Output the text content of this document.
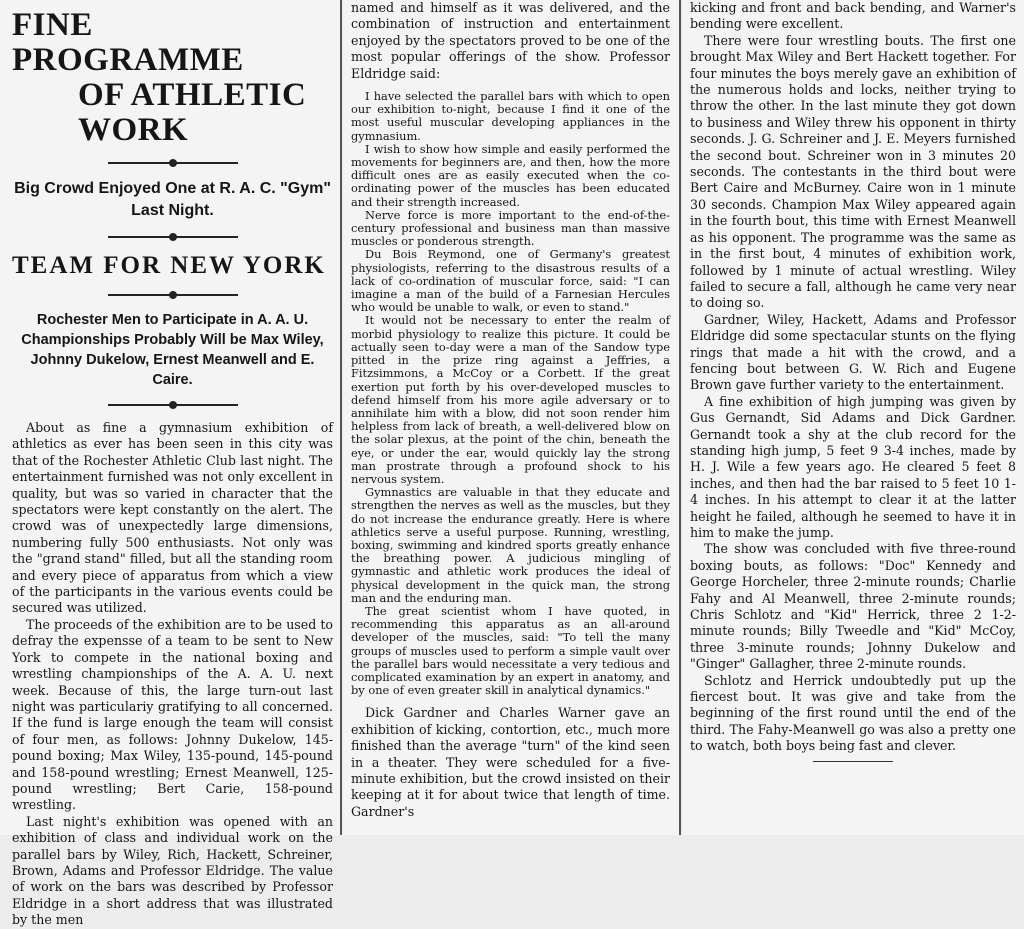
FINE PROGRAMME
OF ATHLETIC WORK
Big Crowd Enjoyed One at R. A. C. "Gym" Last Night.
TEAM FOR NEW YORK
Rochester Men to Participate in A. A. U. Championships Probably Will be Max Wiley, Johnny Dukelow, Ernest Meanwell and E. Caire.

About as fine a gymnasium exhibition of athletics as ever has been seen in this city was that of the Rochester Athletic Club last night. The entertainment furnished was not only excellent in quality, but was so varied in character that the spectators were kept constantly on the alert. The crowd was of unexpectedly large dimensions, numbering fully 500 enthusiasts. Not only was the "grand stand" filled, but all the standing room and every piece of apparatus from which a view of the participants in the various events could be secured was utilized.

The proceeds of the exhibition are to be used to defray the expensse of a team to be sent to New York to compete in the national boxing and wrestling championships of the A. A. U. next week. Because of this, the large turn-out last night was particulariy gratifying to all concerned. If the fund is large enough the team will consist of four men, as follows: Johnny Dukelow, 145-pound boxing; Max Wiley, 135-pound, 145-pound and 158-pound wrestling; Ernest Meanwell, 125-pound wrestling; Bert Carie, 158-pound wrestling.

Last night's exhibition was opened with an exhibition of class and individual work on the parallel bars by Wiley, Rich, Hackett, Schreiner, Brown, Adams and Professor Eldridge. The value of work on the bars was described by Professor Eldridge in a short address that was illustrated by the men

named and himself as it was delivered, and the combination of instruction and entertainment enjoyed by the spectators proved to be one of the most popular offerings of the show. Professor Eldridge said:

I have selected the parallel bars with which to open our exhibition to-night, because I find it one of the most useful muscular developing appliances in the gymnasium.

I wish to show how simple and easily performed the movements for beginners are, and then, how the more difficult ones are as easily executed when the co-ordinating power of the muscles has been educated and their strength increased.

Nerve force is more important to the end-of-the-century professional and business man than massive muscles or ponderous strength.

Du Bois Reymond, one of Germany's greatest physiologists, referring to the disastrous results of a lack of co-ordination of muscular force, said: "I can imagine a man of the build of a Farnesian Hercules who would be unable to walk, or even to stand."

It would not be necessary to enter the realm of morbid physiology to realize this picture. It could be actually seen to-day were a man of the Sandow type pitted in the prize ring against a Jeffries, a Fitzsimmons, a McCoy or a Corbett. If the great exertion put forth by his over-developed muscles to defend himself from his more agile adversary or to annihilate him with a blow, did not soon render him helpless from lack of breath, a well-delivered blow on the solar plexus, at the point of the chin, beneath the eye, or under the ear, would quickly lay the strong man prostrate through a profound shock to his nervous system.

Gymnastics are valuable in that they educate and strengthen the nerves as well as the muscles, but they do not increase the endurance greatly. Here is where athletics serve a useful purpose. Running, wrestling, boxing, swimming and kindred sports greatly enhance the breathing power. A judicious mingling of gymnastic and athletic work produces the ideal of physical development in the quick man, the strong man and the enduring man.

The great scientist whom I have quoted, in recommending this apparatus as an all-around developer of the muscles, said: "To tell the many groups of muscles used to perform a simple vault over the parallel bars would necessitate a very tedious and complicated examination by an expert in anatomy, and by one of even greater skill in analytical dynamics."

Dick Gardner and Charles Warner gave an exhibition of kicking, contortion, etc., much more finished than the average "turn" of the kind seen in a theater. They were scheduled for a five-minute exhibition, but the crowd insisted on their keeping at it for about twice that length of time. Gardner's

kicking and front and back bending, and Warner's bending were excellent.

There were four wrestling bouts. The first one brought Max Wiley and Bert Hackett together. For four minutes the boys merely gave an exhibition of the numerous holds and locks, neither trying to throw the other. In the last minute they got down to business and Wiley threw his opponent in thirty seconds. J. G. Schreiner and J. E. Meyers furnished the second bout. Schreiner won in 3 minutes 20 seconds. The contestants in the third bout were Bert Caire and McBurney. Caire won in 1 minute 30 seconds. Champion Max Wiley appeared again in the fourth bout, this time with Ernest Meanwell as his opponent. The programme was the same as in the first bout, 4 minutes of exhibition work, followed by 1 minute of actual wrestling. Wiley failed to secure a fall, although he came very near to doing so.

Gardner, Wiley, Hackett, Adams and Professor Eldridge did some spectacular stunts on the flying rings that made a hit with the crowd, and a fencing bout between G. W. Rich and Eugene Brown gave further variety to the entertainment.

A fine exhibition of high jumping was given by Gus Gernandt, Sid Adams and Dick Gardner. Gernandt took a shy at the club record for the standing high jump, 5 feet 9 3-4 inches, made by H. J. Wile a few years ago. He cleared 5 feet 8 inches, and then had the bar raised to 5 feet 10 1-4 inches. In his attempt to clear it at the latter height he failed, although he seemed to have it in him to make the jump.

The show was concluded with five three-round boxing bouts, as follows: "Doc" Kennedy and George Horcheler, three 2-minute rounds; Charlie Fahy and Al Meanwell, three 2-minute rounds; Chris Schlotz and "Kid" Herrick, three 2 1-2-minute rounds; Billy Tweedle and "Kid" McCoy, three 3-minute rounds; Johnny Dukelow and "Ginger" Gallagher, three 2-minute rounds.

Schlotz and Herrick undoubtedly put up the fiercest bout. It was give and take from the beginning of the first round until the end of the third. The Fahy-Meanwell go was also a pretty one to watch, both boys being fast and clever.
